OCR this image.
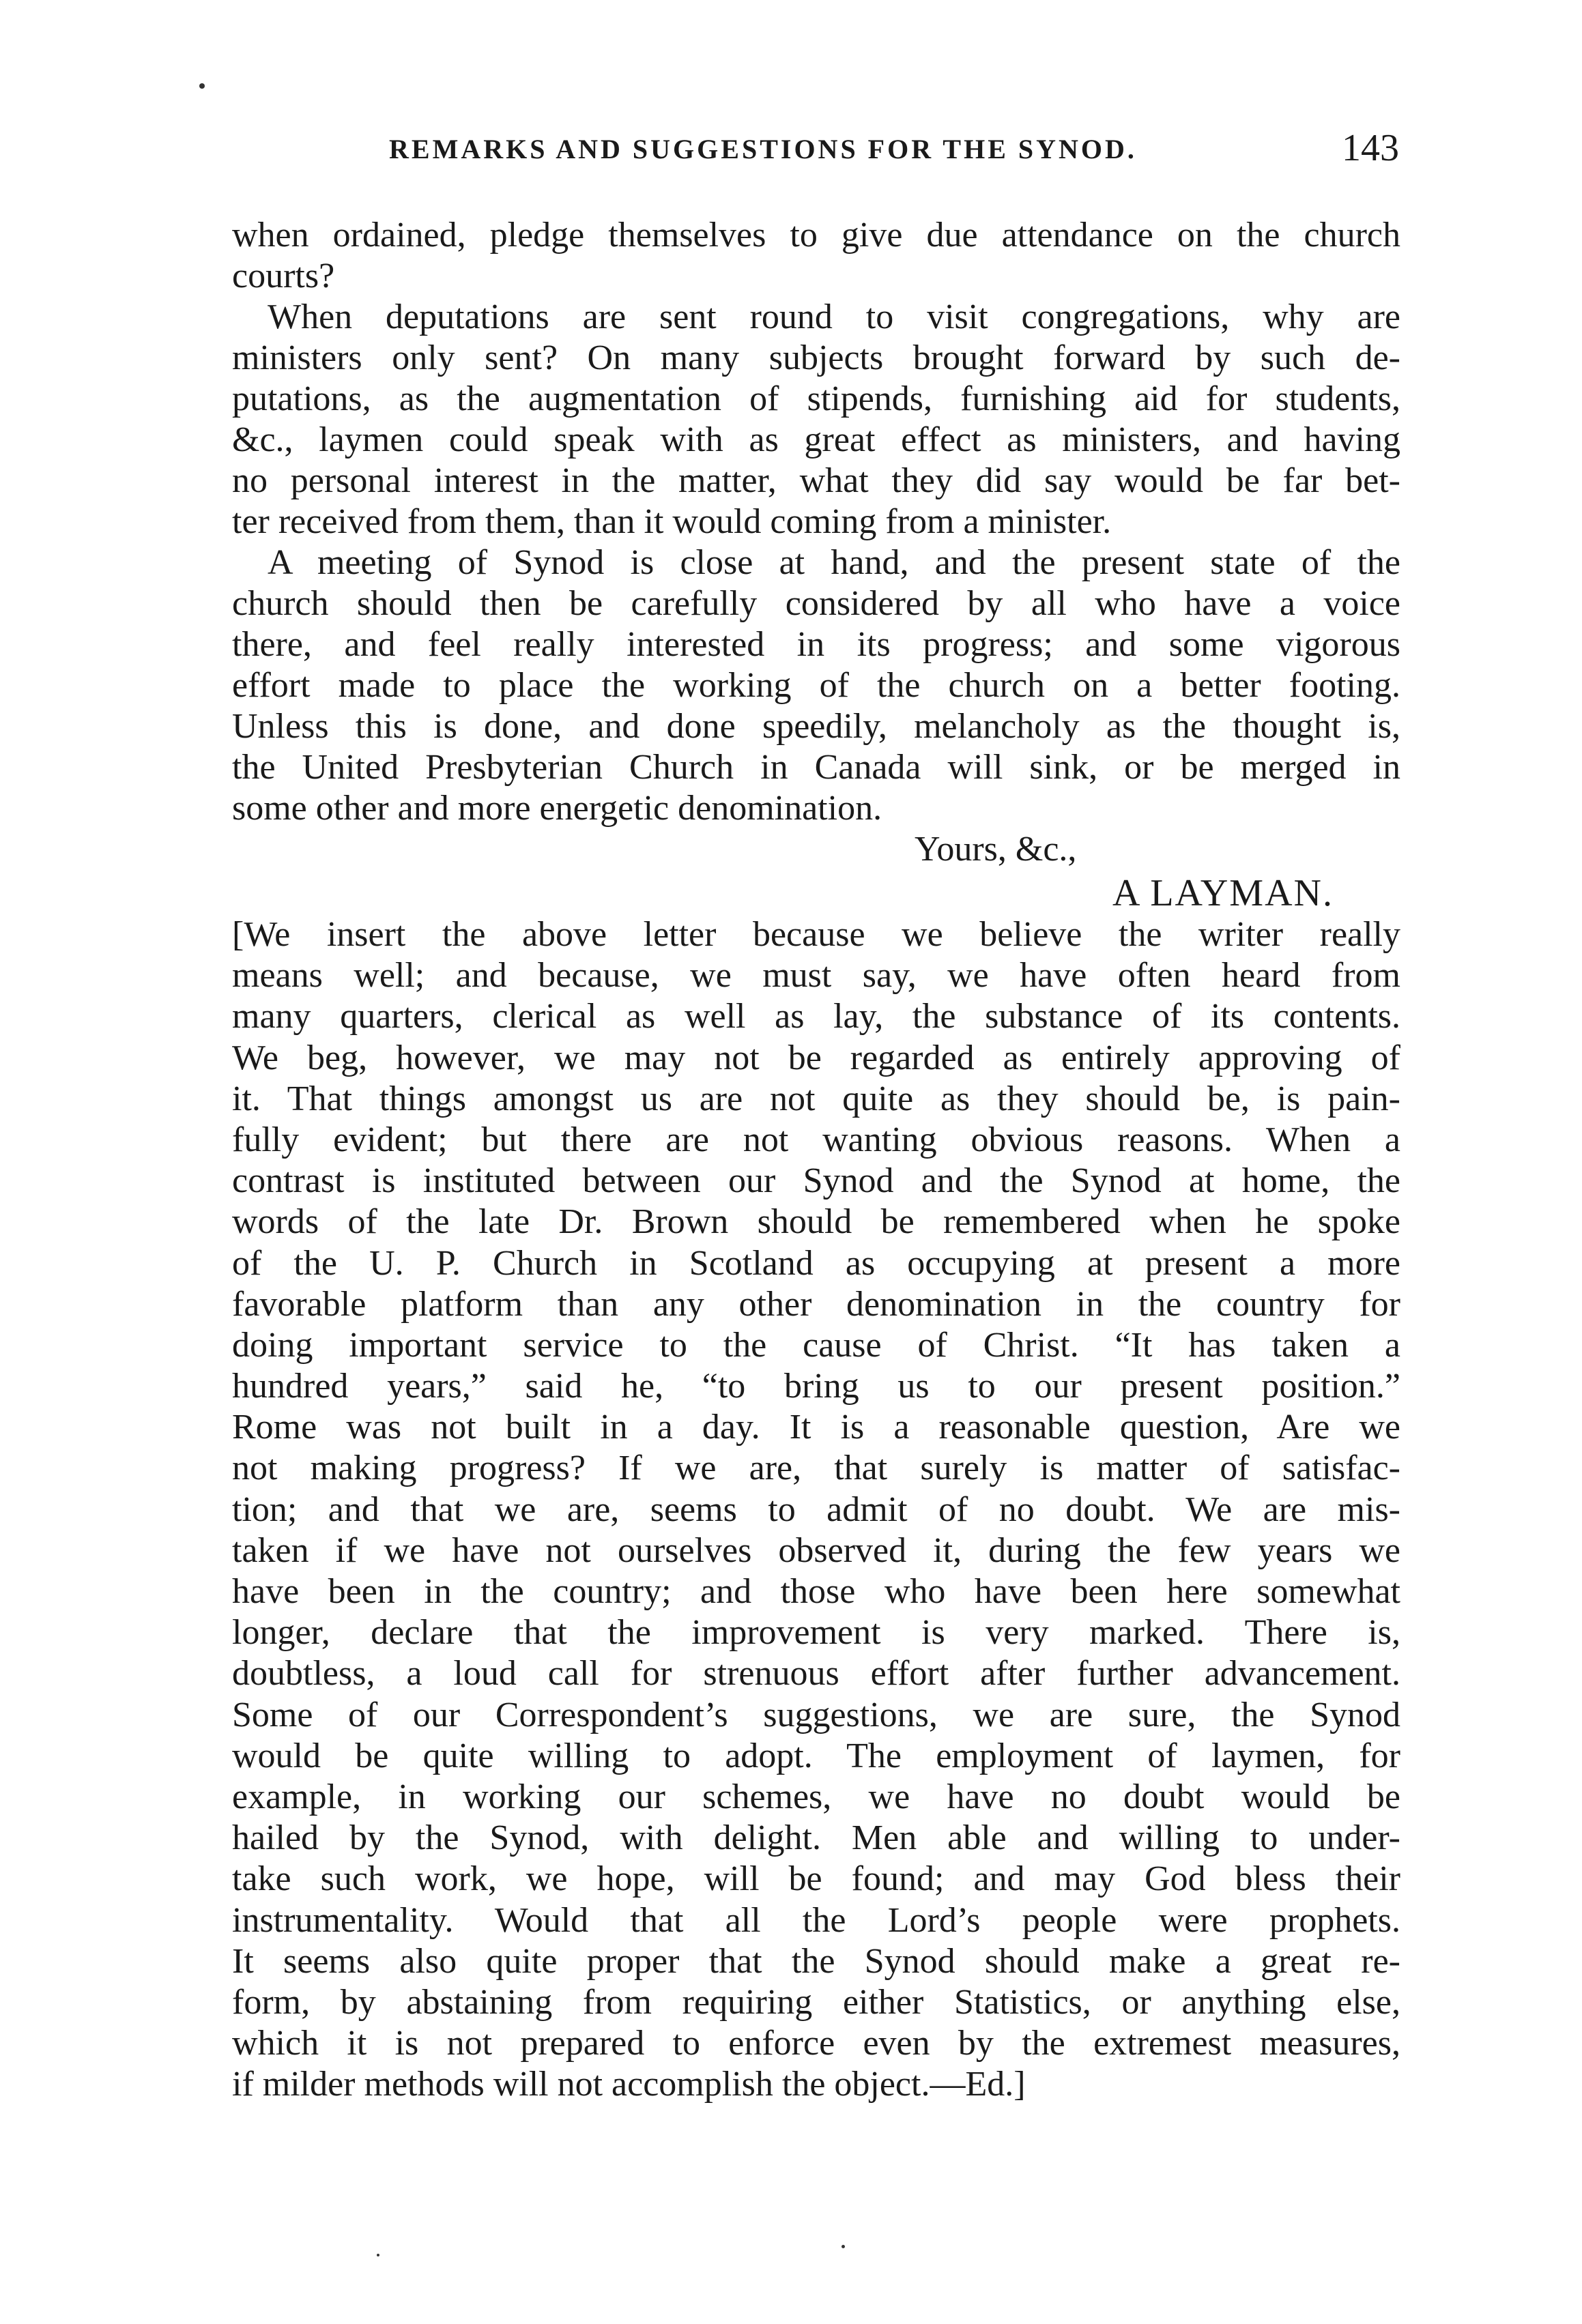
REMARKS AND SUGGESTIONS FOR THE SYNOD.	143
when ordained, pledge themselves to give due attendance on the church
courts?
When deputations are sent round to visit congregations, why are
ministers only sent? On many subjects brought forward by such de-
putations, as the augmentation of stipends, furnishing aid for students,
&c., laymen could speak with as great effect as ministers, and having
no personal interest in the matter, what they did say would be far bet-
ter received from them, than it would coming from a minister.
A meeting of Synod is close at hand, and the present state of the
church should then be carefully considered by all who have a voice
there, and feel really interested in its progress; and some vigorous
effort made to place the working of the church on a better footing.
Unless this is done, and done speedily, melancholy as the thought is,
the United Presbyterian Church in Canada will sink, or be merged in
some other and more energetic denomination.
Yours, &c.,
A LAYMAN.
[We insert the above letter because we believe the writer really
means well; and because, we must say, we have often heard from
many quarters, clerical as well as lay, the substance of its contents.
We beg, however, we may not be regarded as entirely approving of
it. That things amongst us are not quite as they should be, is pain-
fully evident; but there are not wanting obvious reasons. When a
contrast is instituted between our Synod and the Synod at home, the
words of the late Dr. Brown should be remembered when he spoke
of the U. P. Church in Scotland as occupying at present a more
favorable platform than any other denomination in the country for
doing important service to the cause of Christ. “It has taken a
hundred years,” said he, “to bring us to our present position.”
Rome was not built in a day. It is a reasonable question, Are we
not making progress? If we are, that surely is matter of satisfac-
tion; and that we are, seems to admit of no doubt. We are mis-
taken if we have not ourselves observed it, during the few years we
have been in the country; and those who have been here somewhat
longer, declare that the improvement is very marked. There is,
doubtless, a loud call for strenuous effort after further advancement.
Some of our Correspondent’s suggestions, we are sure, the Synod
would be quite willing to adopt. The employment of laymen, for
example, in working our schemes, we have no doubt would be
hailed by the Synod, with delight. Men able and willing to under-
take such work, we hope, will be found; and may God bless their
instrumentality. Would that all the Lord’s people were prophets.
It seems also quite proper that the Synod should make a great re-
form, by abstaining from requiring either Statistics, or anything else,
which it is not prepared to enforce even by the extremest measures,
if milder methods will not accomplish the object.—Ed.]
